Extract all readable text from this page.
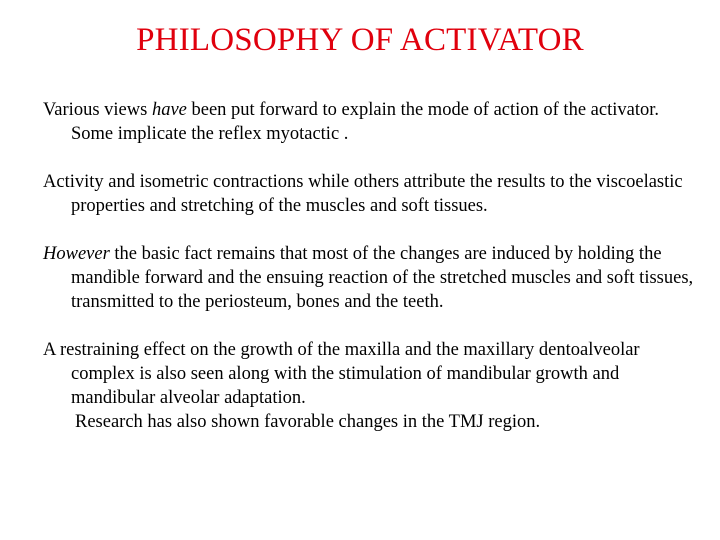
PHILOSOPHY OF ACTIVATOR

Various views have been put forward to explain the mode of action of the activator. Some implicate the reflex myotactic .

Activity and isometric contractions while others attribute the results to the viscoelastic properties and stretching of the muscles and soft tissues.

However the basic fact remains that most of the changes are induced by holding the mandible forward and the ensuing reaction of the stretched muscles and soft tissues, transmitted to the periosteum, bones and the teeth.

A restraining effect on the growth of the maxilla and the maxillary dentoalveolar complex is also seen along with the stimulation of mandibular growth and mandibular alveolar adaptation.

Research has also shown favorable changes in the TMJ region.
